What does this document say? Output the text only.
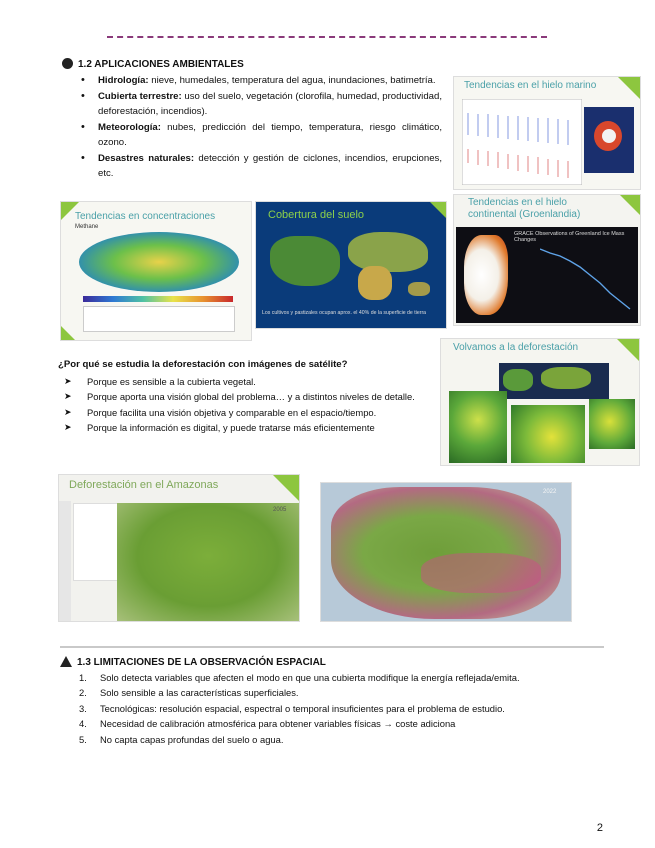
1.2 APLICACIONES AMBIENTALES
• Hidrología: nieve, humedales, temperatura del agua, inundaciones, batimetría.
• Cubierta terrestre: uso del suelo, vegetación (clorofila, humedad, productividad, deforestación, incendios).
• Meteorología: nubes, predicción del tiempo, temperatura, riesgo climático, ozono.
• Desastres naturales: detección y gestión de ciclones, incendios, erupciones, etc.
Tendencias en el hielo marino
Tendencias en concentraciones
Methane
Cobertura del suelo
Los cultivos y pastizales ocupan aprox. el 40% de la superficie de tierra
Tendencias en el hielo continental (Groenlandia)
GRACE Observations of Greenland Ice Mass Changes
¿Por qué se estudia la deforestación con imágenes de satélite?
➤ Porque es sensible a la cubierta vegetal.
➤ Porque aporta una visión global del problema… y a distintos niveles de detalle.
➤ Porque facilita una visión objetiva y comparable en el espacio/tiempo.
➤ Porque la información es digital, y puede tratarse más eficientemente
Volvamos a la deforestación
Deforestación en el Amazonas
2005
2022
1.3 LIMITACIONES DE LA OBSERVACIÓN ESPACIAL
1. Solo detecta variables que afecten el modo en que una cubierta modifique la energía reflejada/emita.
2. Solo sensible a las características superficiales.
3. Tecnológicas: resolución espacial, espectral o temporal insuficientes para el problema de estudio.
4. Necesidad de calibración atmosférica para obtener variables físicas → coste adiciona
5. No capta capas profundas del suelo o agua.
2
